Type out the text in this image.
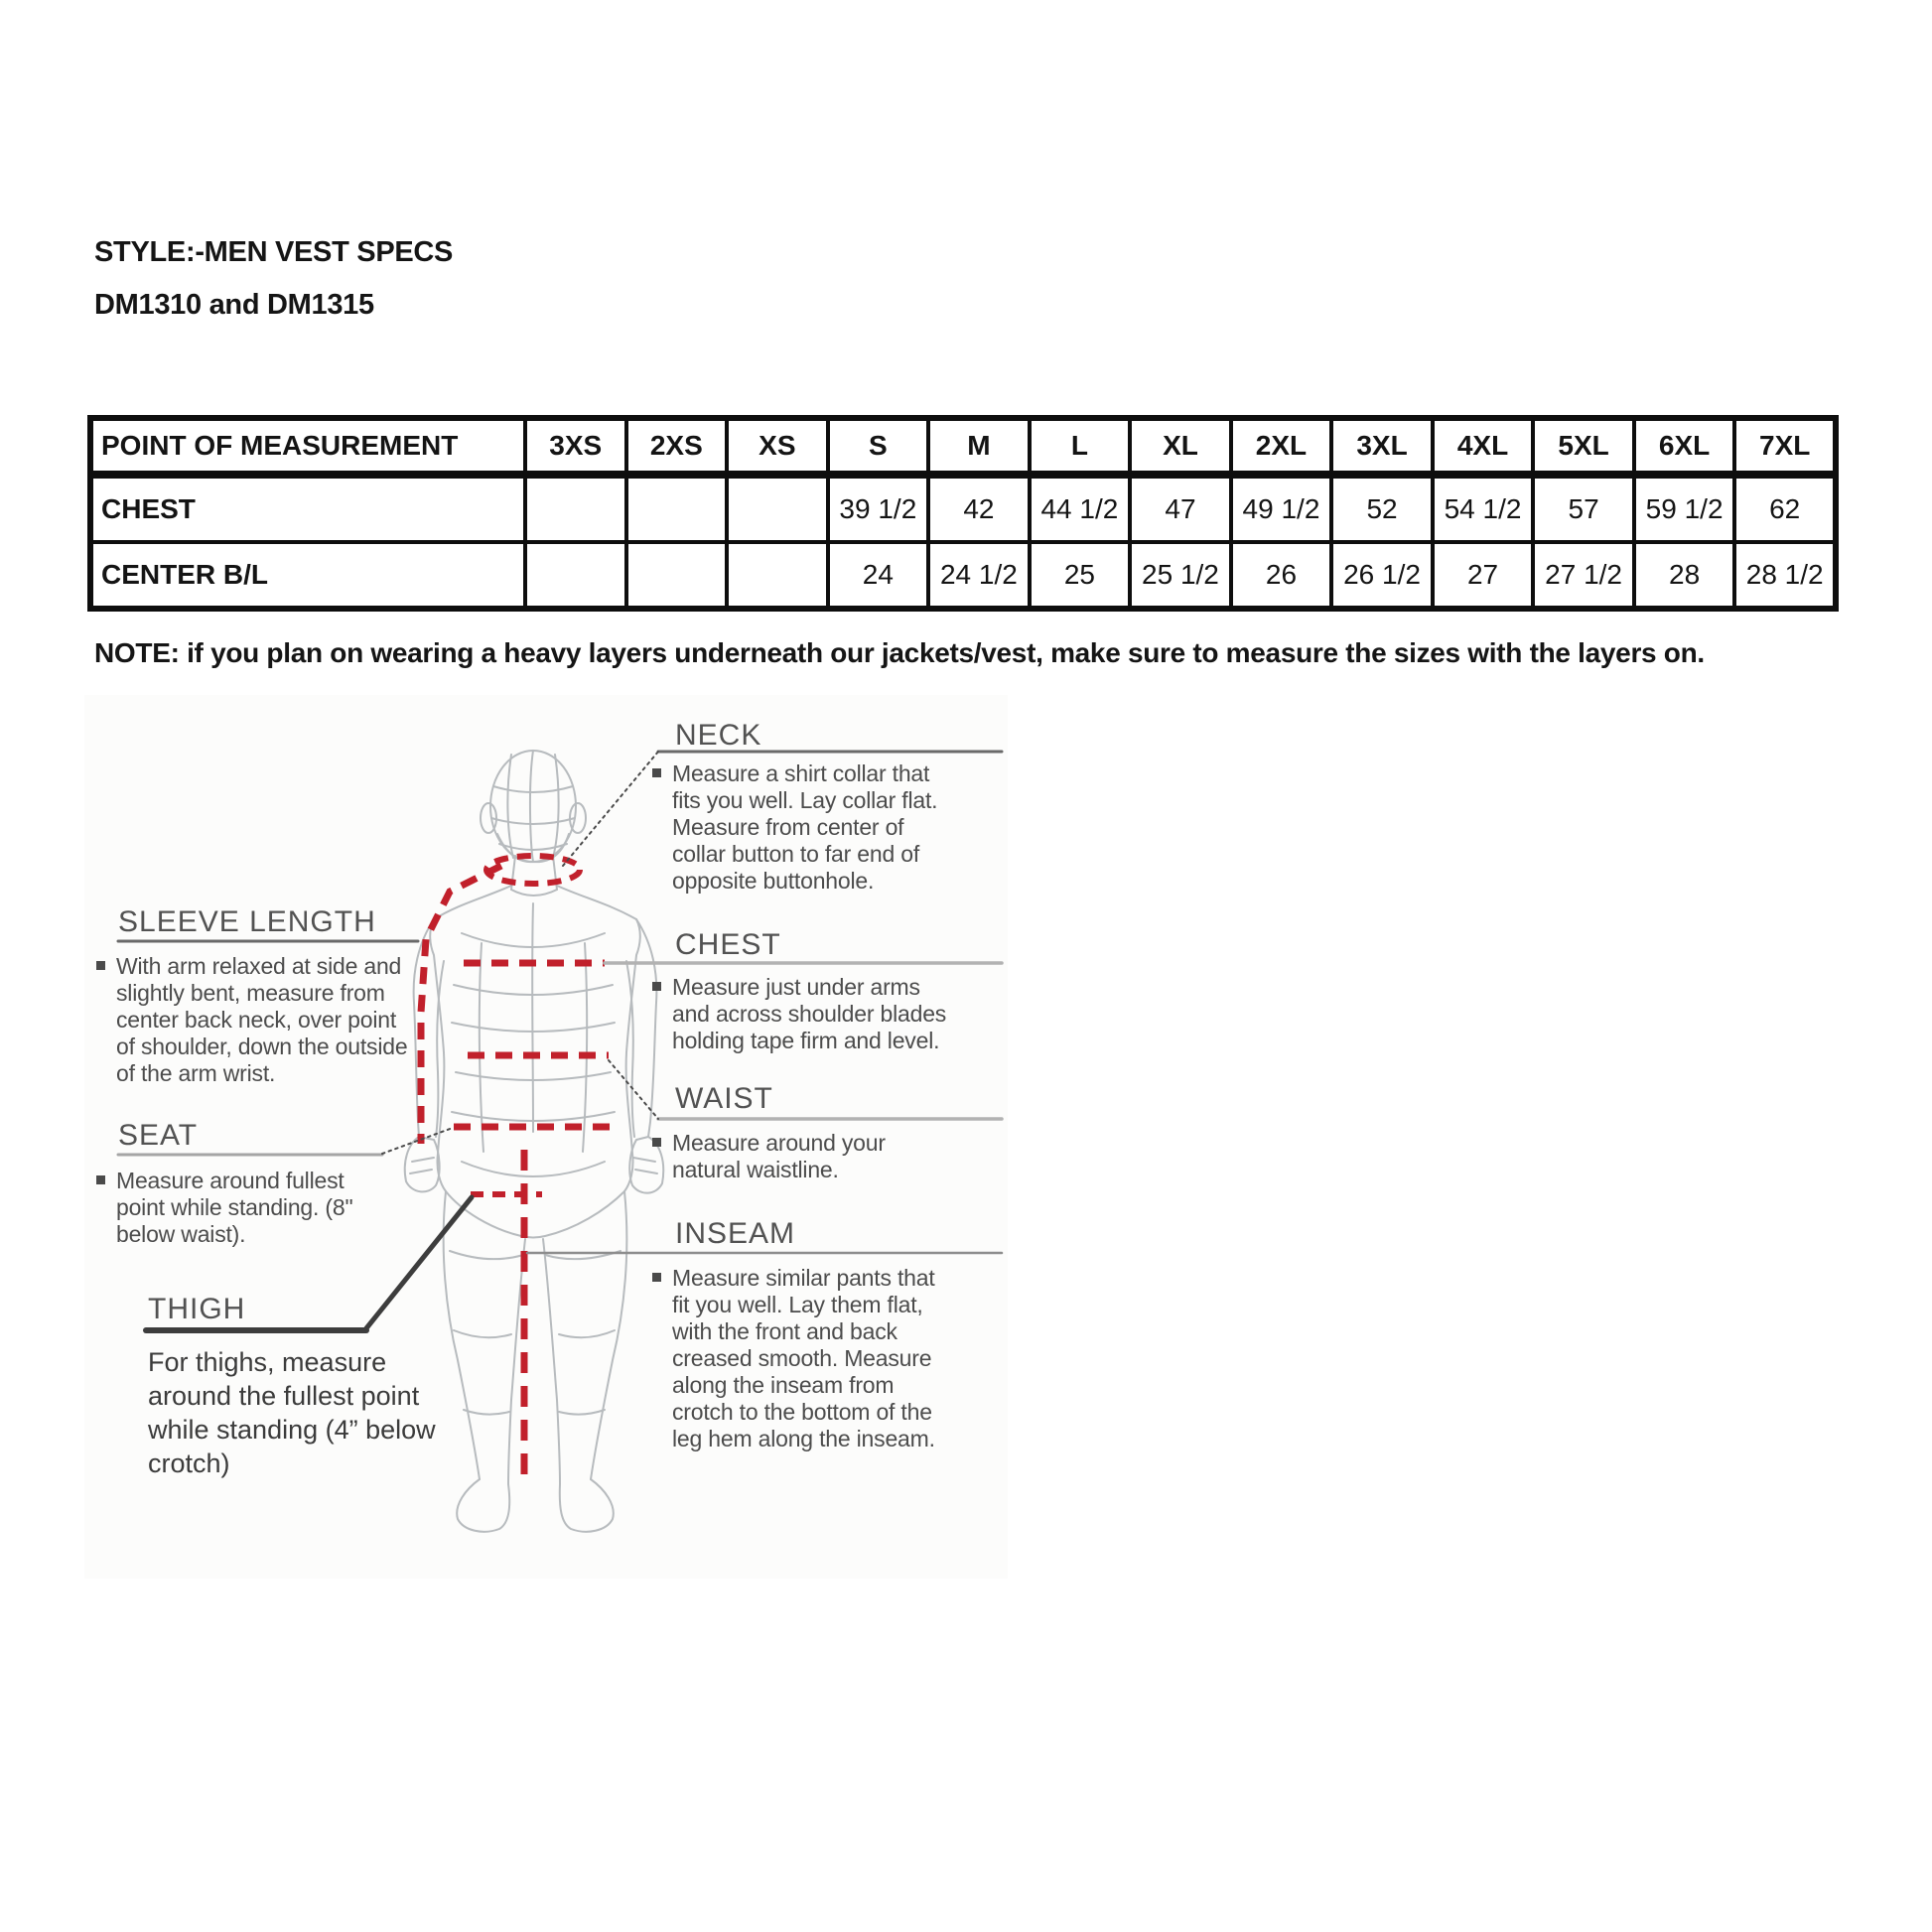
STYLE:-MEN VEST SPECS
DM1310 and DM1315
POINT OF MEASUREMENT	3XS	2XS	XS	S	M	L	XL	2XL	3XL	4XL	5XL	6XL	7XL
CHEST				39 1/2	42	44 1/2	47	49 1/2	52	54 1/2	57	59 1/2	62
CENTER B/L				24	24 1/2	25	25 1/2	26	26 1/2	27	27 1/2	28	28 1/2
NOTE: if you plan on wearing a heavy layers underneath our jackets/vest, make sure to measure the sizes with the layers on.
NECK

Measure a shirt collar that fits you well. Lay collar flat. Measure from center of collar button to far end of opposite buttonhole.

CHEST

Measure just under arms and across shoulder blades holding tape firm and level.

WAIST

Measure around your natural waistline.

INSEAM

Measure similar pants that fit you well. Lay them flat, with the front and back creased smooth. Measure along the inseam from crotch to the bottom of the leg hem along the inseam.

SLEEVE LENGTH

With arm relaxed at side and slightly bent, measure from center back neck, over point of shoulder, down the outside of the arm wrist.

SEAT

Measure around fullest point while standing. (8" below waist).

THIGH

For thighs, measure around the fullest point while standing (4” below crotch)
